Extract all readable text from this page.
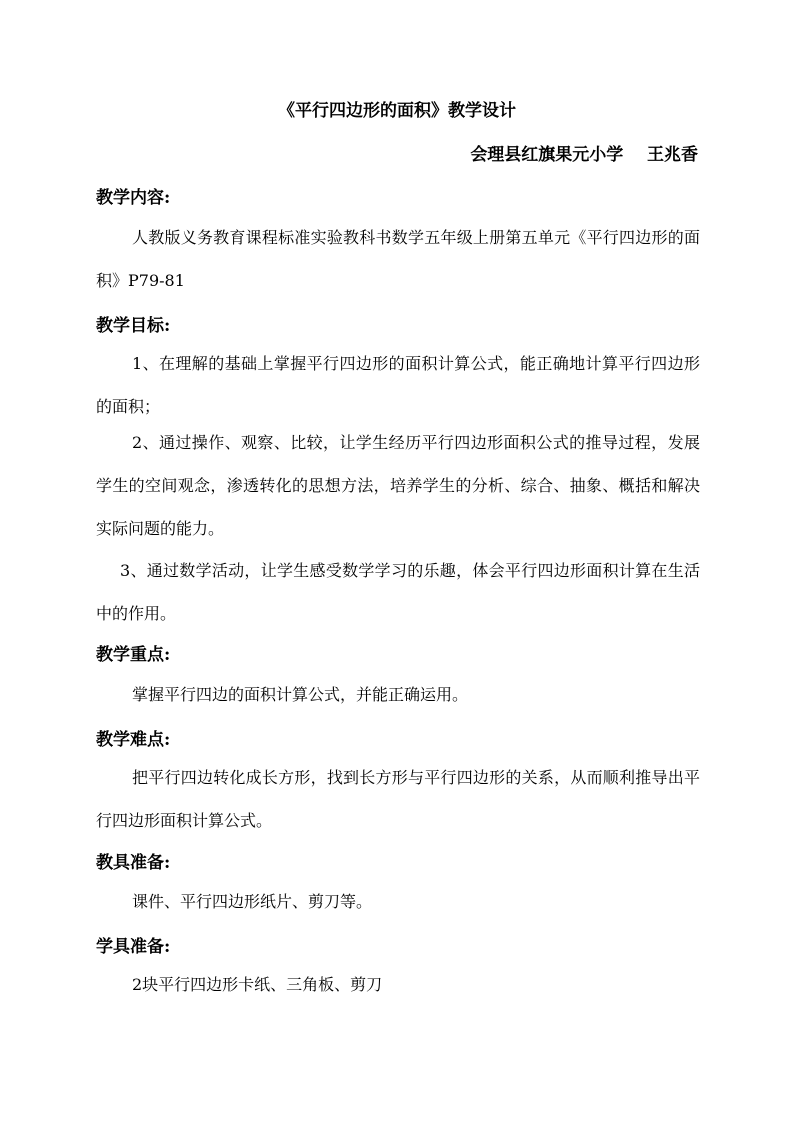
《平行四边形的面积》教学设计
会理县红旗果元小学    王兆香
教学内容:
人教版义务教育课程标准实验教科书数学五年级上册第五单元《平行四边形的面积》P79-81
教学目标:
1、在理解的基础上掌握平行四边形的面积计算公式，能正确地计算平行四边形的面积；
2、通过操作、观察、比较，让学生经历平行四边形面积公式的推导过程，发展学生的空间观念，渗透转化的思想方法，培养学生的分析、综合、抽象、概括和解决实际问题的能力。
3、通过数学活动，让学生感受数学学习的乐趣，体会平行四边形面积计算在生活中的作用。
教学重点:
掌握平行四边的面积计算公式，并能正确运用。
教学难点:
把平行四边转化成长方形，找到长方形与平行四边形的关系，从而顺利推导出平行四边形面积计算公式。
教具准备:
课件、平行四边形纸片、剪刀等。
学具准备:
2块平行四边形卡纸、三角板、剪刀
